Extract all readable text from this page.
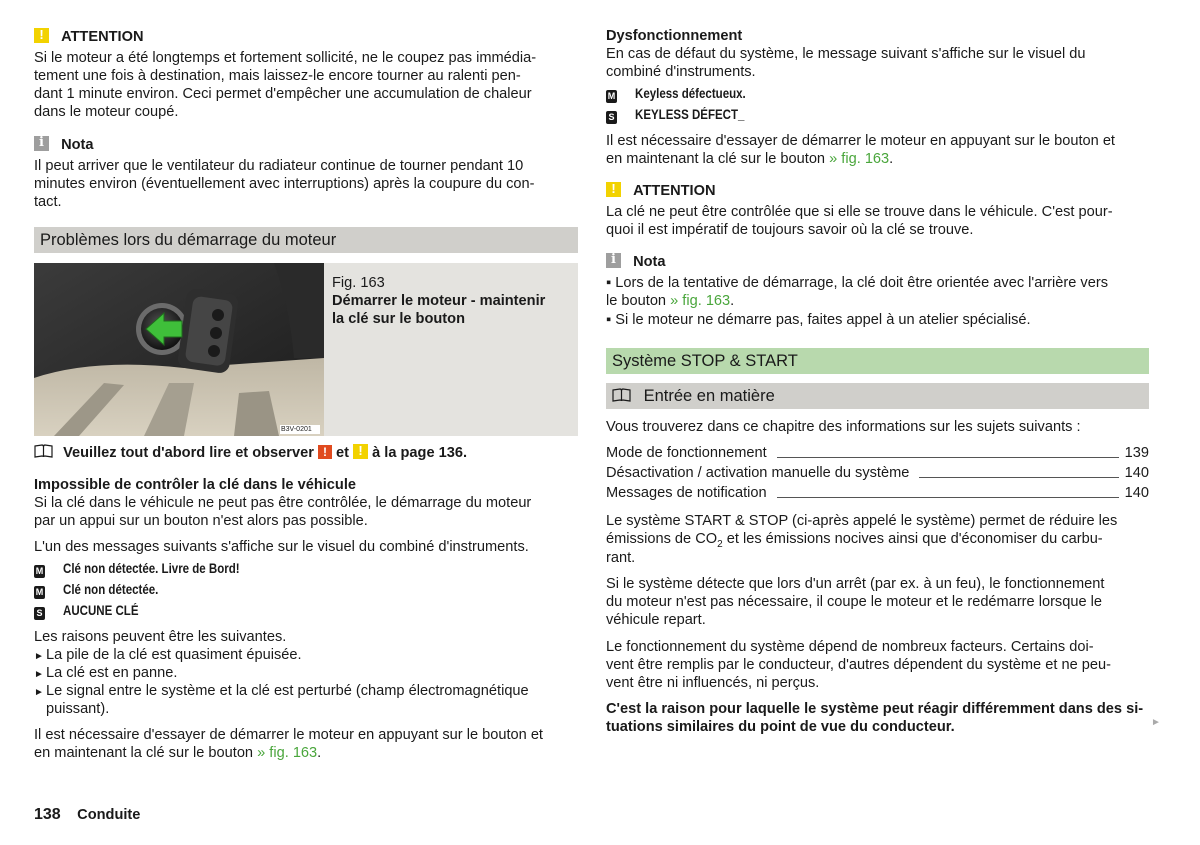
! ATTENTION
Si le moteur a été longtemps et fortement sollicité, ne le coupez pas immédia-
tement une fois à destination, mais laissez-le encore tourner au ralenti pen-
dant 1 minute environ. Ceci permet d'empêcher une accumulation de chaleur
dans le moteur coupé.
i Nota
Il peut arriver que le ventilateur du radiateur continue de tourner pendant 10
minutes environ (éventuellement avec interruptions) après la coupure du con-
tact.
Problèmes lors du démarrage du moteur
B3V-0201
Fig. 163
Démarrer le moteur - maintenir
la clé sur le bouton
Veuillez tout d'abord lire et observer ! et ! à la page 136.
Impossible de contrôler la clé dans le véhicule
Si la clé dans le véhicule ne peut pas être contrôlée, le démarrage du moteur
par un appui sur un bouton n'est alors pas possible.
L'un des messages suivants s'affiche sur le visuel du combiné d'instruments.
M Clé non détectée. Livre de Bord!
M Clé non détectée.
S AUCUNE CLÉ
Les raisons peuvent être les suivantes.
► La pile de la clé est quasiment épuisée.
► La clé est en panne.
► Le signal entre le système et la clé est perturbé (champ électromagnétique
puissant).
Il est nécessaire d'essayer de démarrer le moteur en appuyant sur le bouton et
en maintenant la clé sur le bouton » fig. 163.
138 Conduite
Dysfonctionnement
En cas de défaut du système, le message suivant s'affiche sur le visuel du
combiné d'instruments.
M Keyless défectueux.
S KEYLESS DÉFECT_
Il est nécessaire d'essayer de démarrer le moteur en appuyant sur le bouton et
en maintenant la clé sur le bouton » fig. 163.
! ATTENTION
La clé ne peut être contrôlée que si elle se trouve dans le véhicule. C'est pour-
quoi il est impératif de toujours savoir où la clé se trouve.
i Nota
▪ Lors de la tentative de démarrage, la clé doit être orientée avec l'arrière vers
le bouton » fig. 163.
▪ Si le moteur ne démarre pas, faites appel à un atelier spécialisé.
Système STOP & START
Entrée en matière
Vous trouverez dans ce chapitre des informations sur les sujets suivants :
Mode de fonctionnement	139
Désactivation / activation manuelle du système	140
Messages de notification	140
Le système START & STOP (ci-après appelé le système) permet de réduire les
émissions de $CO_2$ et les émissions nocives ainsi que d'économiser du carbu-
rant.
Si le système détecte que lors d'un arrêt (par ex. à un feu), le fonctionnement
du moteur n'est pas nécessaire, il coupe le moteur et le redémarre lorsque le
véhicule repart.
Le fonctionnement du système dépend de nombreux facteurs. Certains doi-
vent être remplis par le conducteur, d'autres dépendent du système et ne peu-
vent être ni influencés, ni perçus.
C'est la raison pour laquelle le système peut réagir différemment dans des si-
tuations similaires du point de vue du conducteur.	►
